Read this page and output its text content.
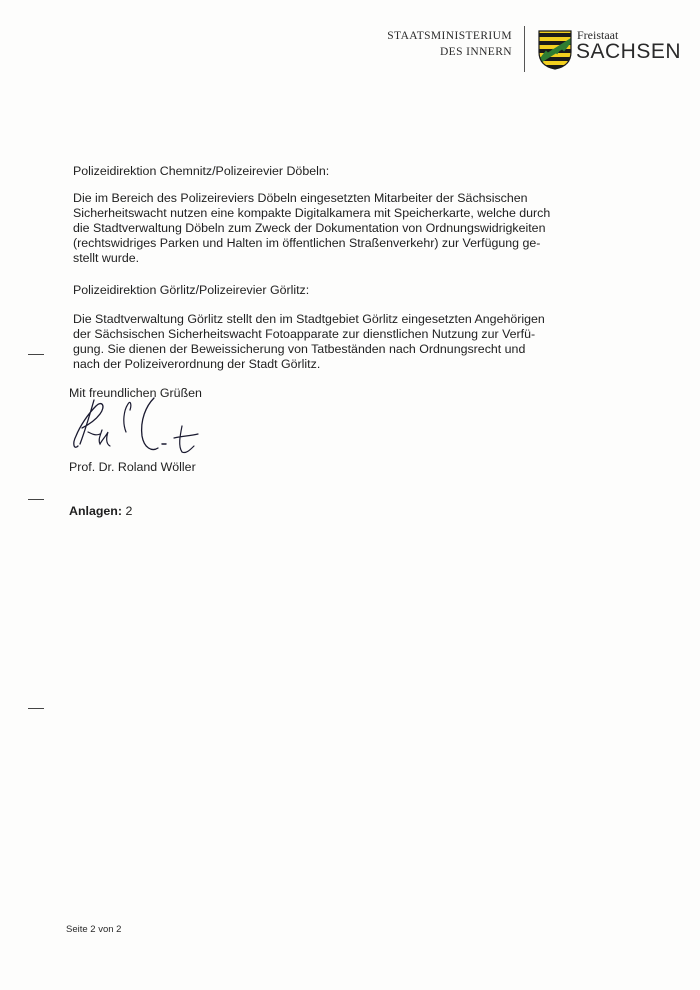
STAATSMINISTERIUM
DES INNERN
Freistaat
SACHSEN
Polizeidirektion Chemnitz/Polizeirevier Döbeln:
Die im Bereich des Polizeireviers Döbeln eingesetzten Mitarbeiter der Sächsischen
Sicherheitswacht nutzen eine kompakte Digitalkamera mit Speicherkarte, welche durch
die Stadtverwaltung Döbeln zum Zweck der Dokumentation von Ordnungswidrigkeiten
(rechtswidriges Parken und Halten im öffentlichen Straßenverkehr) zur Verfügung ge-
stellt wurde.
Polizeidirektion Görlitz/Polizeirevier Görlitz:
Die Stadtverwaltung Görlitz stellt den im Stadtgebiet Görlitz eingesetzten Angehörigen
der Sächsischen Sicherheitswacht Fotoapparate zur dienstlichen Nutzung zur Verfü-
gung. Sie dienen der Beweissicherung von Tatbeständen nach Ordnungsrecht und
nach der Polizeiverordnung der Stadt Görlitz.
Mit freundlichen Grüßen
Prof. Dr. Roland Wöller
Anlagen: 2
Seite 2 von 2
